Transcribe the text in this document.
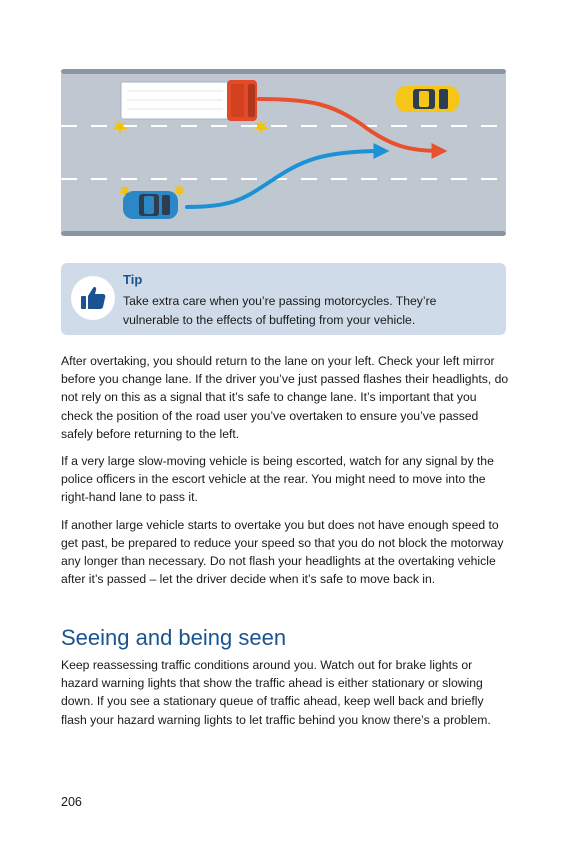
Tip
Take extra care when you’re passing motorcycles. They’re vulnerable to the effects of buffeting from your vehicle.

After overtaking, you should return to the lane on your left. Check your left mirror before you change lane. If the driver you’ve just passed flashes their headlights, do not rely on this as a signal that it’s safe to change lane. It’s important that you check the position of the road user you’ve overtaken to ensure you’ve passed safely before returning to the left.

If a very large slow-moving vehicle is being escorted, watch for any signal by the police officers in the escort vehicle at the rear. You might need to move into the right-hand lane to pass it.

If another large vehicle starts to overtake you but does not have enough speed to get past, be prepared to reduce your speed so that you do not block the motorway any longer than necessary. Do not flash your headlights at the overtaking vehicle after it’s passed – let the driver decide when it’s safe to move back in.

Seeing and being seen

Keep reassessing traffic conditions around you. Watch out for brake lights or hazard warning lights that show the traffic ahead is either stationary or slowing down. If you see a stationary queue of traffic ahead, keep well back and briefly flash your hazard warning lights to let traffic behind you know there’s a problem.

206
